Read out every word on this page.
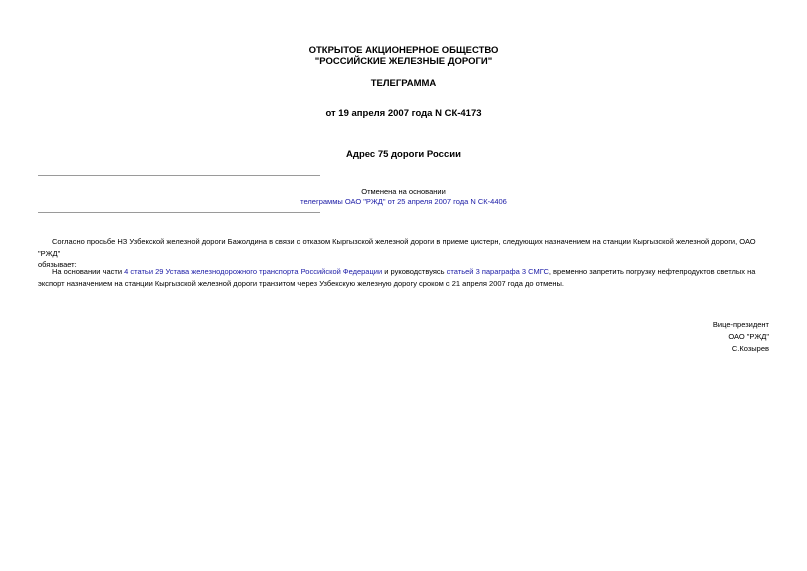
ОТКРЫТОЕ АКЦИОНЕРНОЕ ОБЩЕСТВО
"РОССИЙСКИЕ ЖЕЛЕЗНЫЕ ДОРОГИ"
ТЕЛЕГРАММА
от 19 апреля 2007 года N СК-4173
Адрес 75 дороги России
Отменена на основании
телеграммы ОАО "РЖД" от 25 апреля 2007 года N СК-4406
Согласно просьбе НЗ Узбекской железной дороги Бажолдина в связи с отказом Кыргызской железной дороги в приеме цистерн, следующих назначением на станции Кыргызской железной дороги, ОАО "РЖД"
обязывает:
На основании части 4 статьи 29 Устава железнодорожного транспорта Российской Федерации и руководствуясь статьей 3 параграфа 3 СМГС, временно запретить погрузку нефтепродуктов светлых на экспорт назначением на станции Кыргызской железной дороги транзитом через Узбекскую железную дорогу сроком с 21 апреля 2007 года до отмены.
Вице-президент
ОАО "РЖД"
С.Козырев
